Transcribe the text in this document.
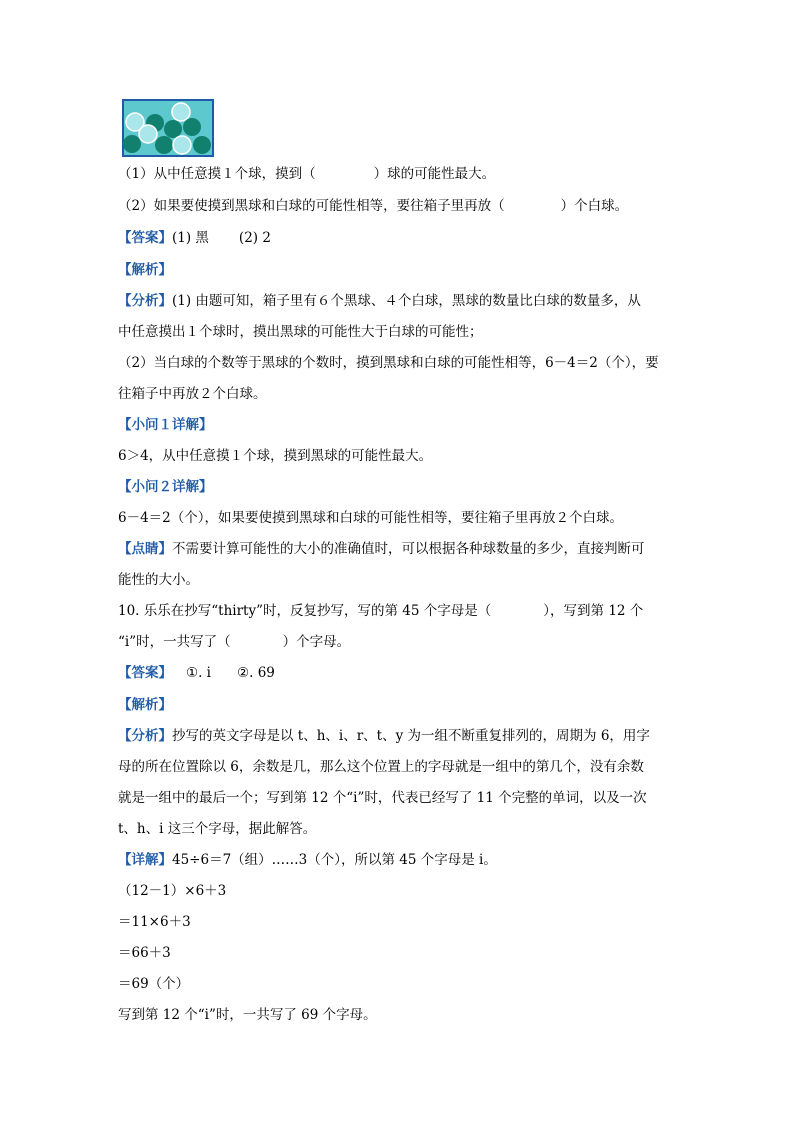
（1）从中任意摸１个球，摸到（	）球的可能性最大。
（2）如果要使摸到黑球和白球的可能性相等，要往箱子里再放（	）个白球。
【答案】(1) 黑 (2) 2
【解析】
【分析】(1) 由题可知，箱子里有６个黑球、４个白球，黑球的数量比白球的数量多，从
中任意摸出１个球时，摸出黑球的可能性大于白球的可能性；
（2）当白球的个数等于黑球的个数时，摸到黑球和白球的可能性相等，6－4＝2（个），要
往箱子中再放２个白球。
【小问１详解】
6＞4，从中任意摸１个球，摸到黑球的可能性最大。
【小问２详解】
6－4＝2（个），如果要使摸到黑球和白球的可能性相等，要往箱子里再放２个白球。
【点睛】不需要计算可能性的大小的准确值时，可以根据各种球数量的多少，直接判断可
能性的大小。
10. 乐乐在抄写“thirty”时，反复抄写，写的第 45 个字母是（	），写到第 12 个
“i”时，一共写了（	）个字母。
【答案】 ①. i ②. 69
【解析】
【分析】抄写的英文字母是以 t、h、i、r、t、y 为一组不断重复排列的，周期为 6，用字
母的所在位置除以 6，余数是几，那么这个位置上的字母就是一组中的第几个，没有余数
就是一组中的最后一个；写到第 12 个“i”时，代表已经写了 11 个完整的单词，以及一次
t、h、i 这三个字母，据此解答。
【详解】45÷6＝7（组）……3（个），所以第 45 个字母是 i。
（12－1）×6＋3
＝11×6＋3
＝66＋3
＝69（个）
写到第 12 个“i”时，一共写了 69 个字母。
